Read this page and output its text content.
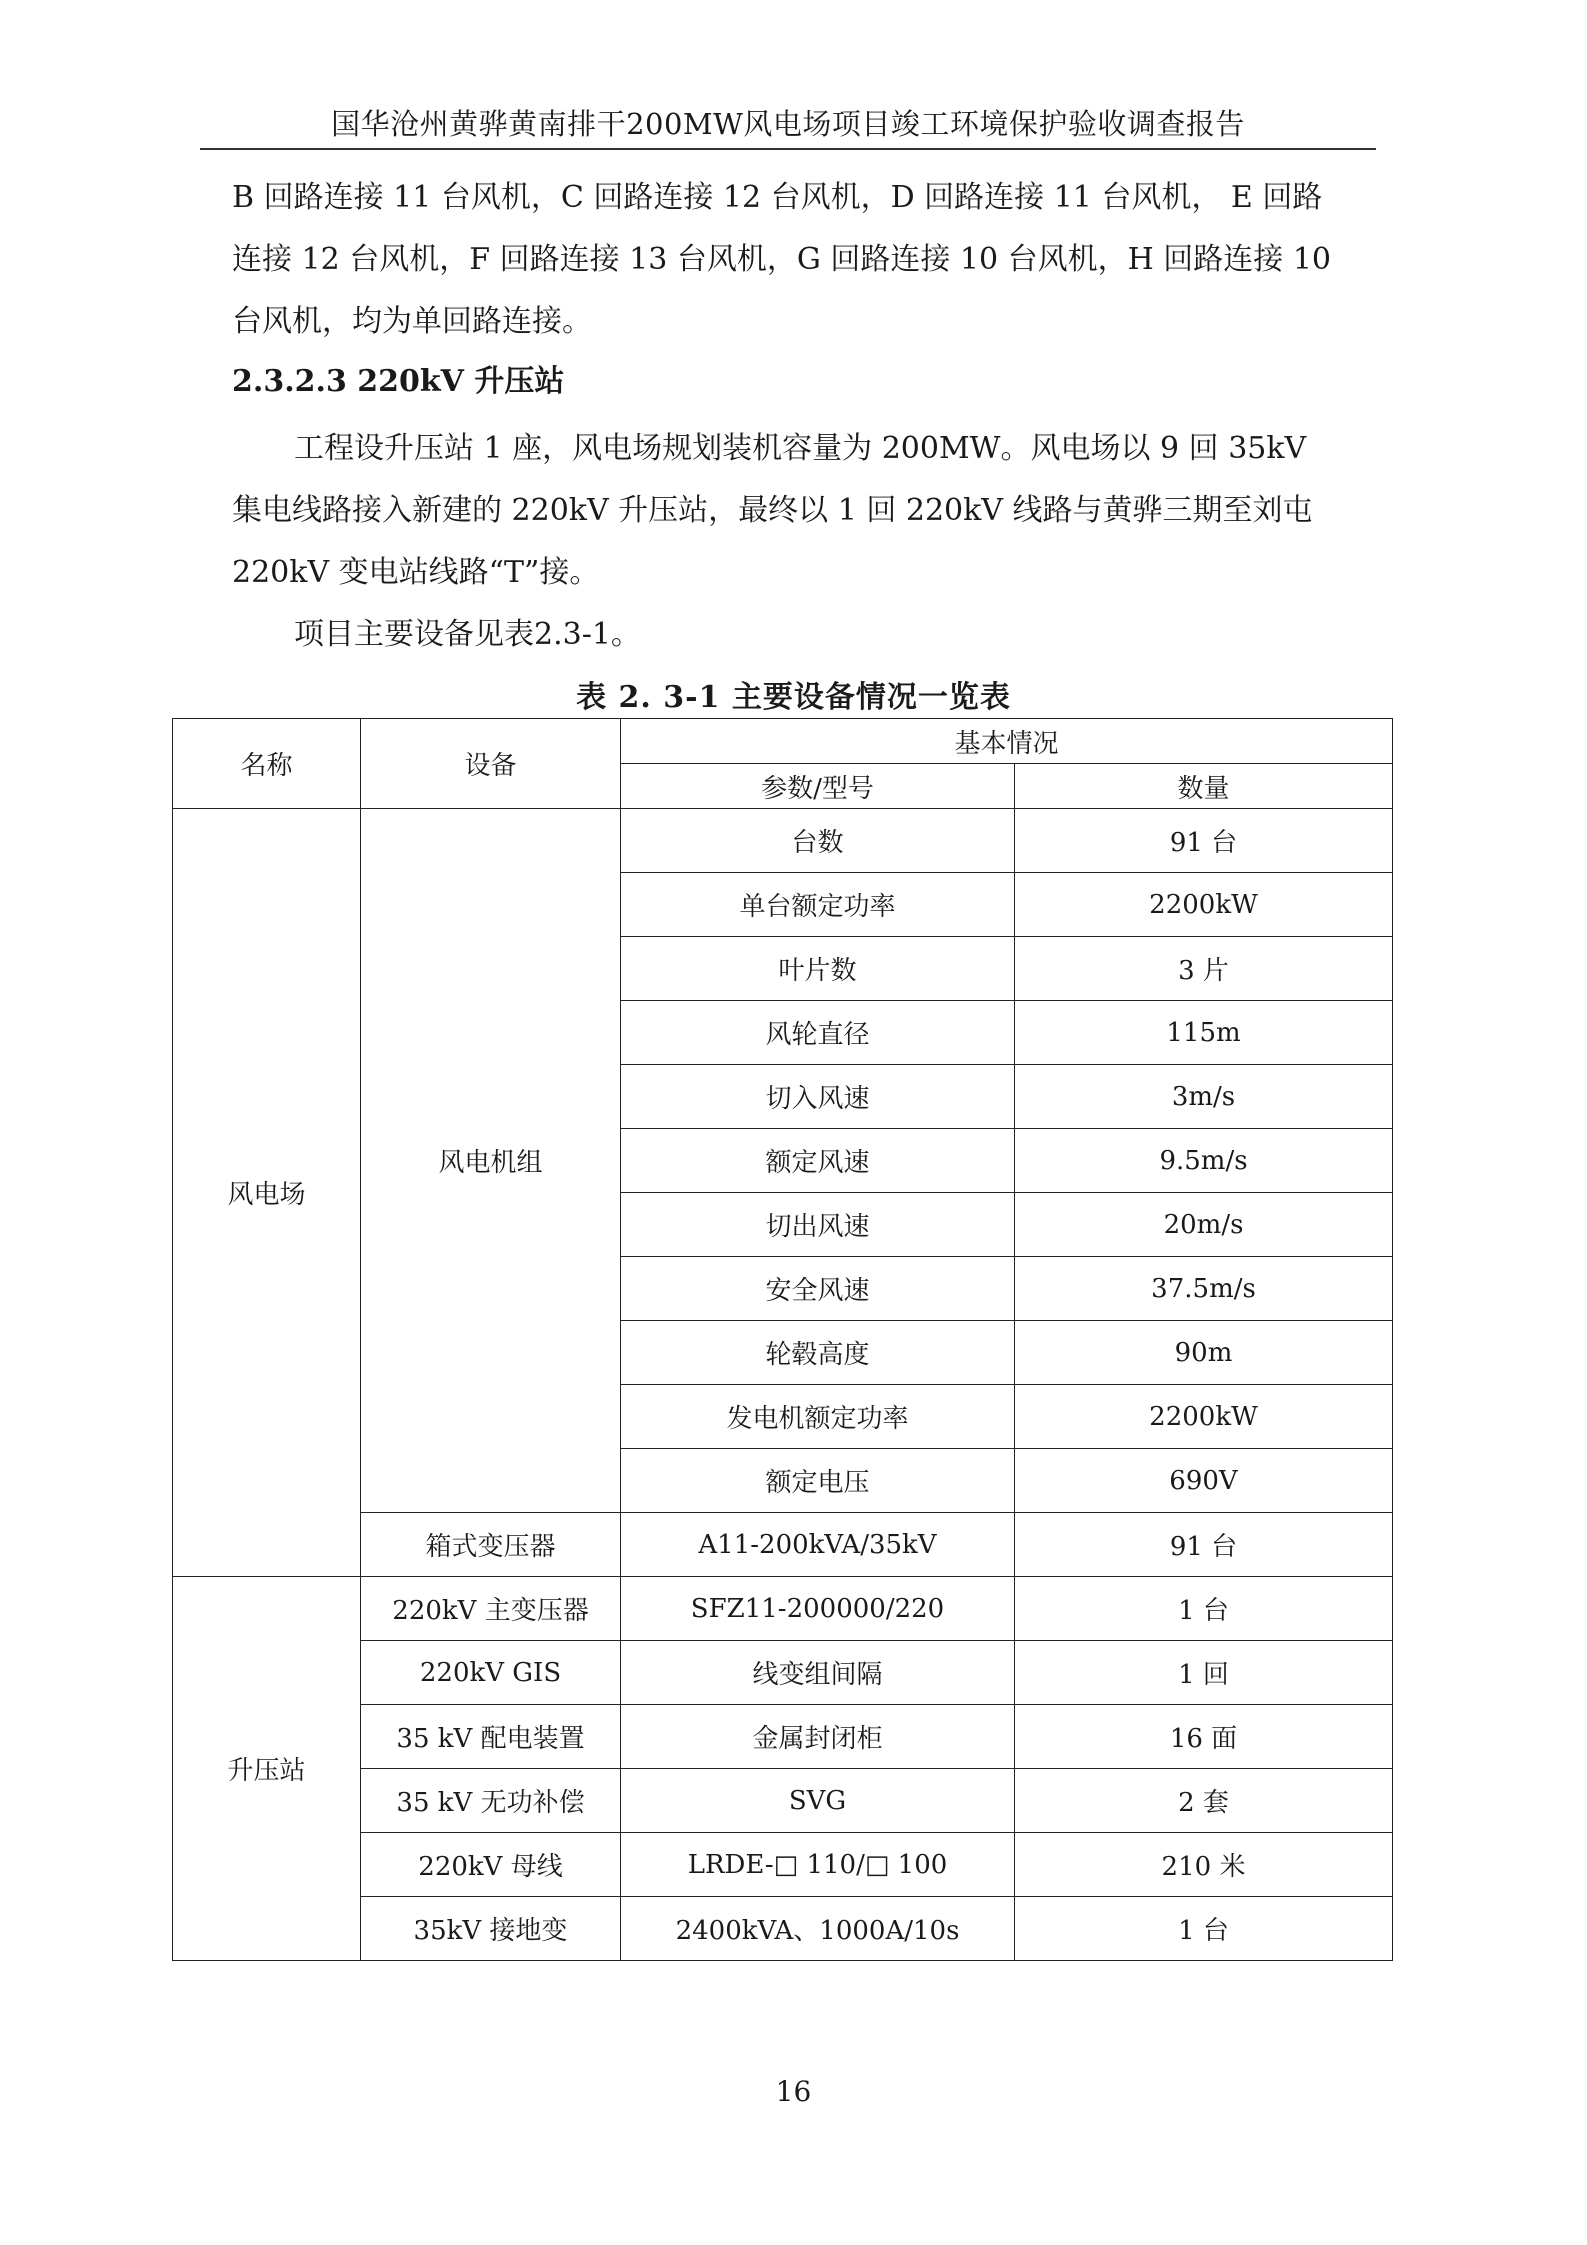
国华沧州黄骅黄南排干200MW风电场项目竣工环境保护验收调查报告

B 回路连接 11 台风机，C 回路连接 12 台风机，D 回路连接 11 台风机， E 回路
连接 12 台风机，F 回路连接 13 台风机，G 回路连接 10 台风机，H 回路连接 10
台风机，均为单回路连接。

2.3.2.3 220kV 升压站

工程设升压站 1 座，风电场规划装机容量为 200MW。风电场以 9 回 35kV
集电线路接入新建的 220kV 升压站，最终以 1 回 220kV 线路与黄骅三期至刘屯
220kV 变电站线路“T”接。

项目主要设备见表2.3-1。

表 2. 3-1 主要设备情况一览表
名称	设备	基本情况	
		参数/型号	数量
风电场	风电机组	台数	91 台
		单台额定功率	2200kW
		叶片数	3 片
		风轮直径	115m
		切入风速	3m/s
		额定风速	9.5m/s
		切出风速	20m/s
		安全风速	37.5m/s
		轮毂高度	90m
		发电机额定功率	2200kW
		额定电压	690V
	箱式变压器	A11-200kVA/35kV	91 台
升压站	220kV 主变压器	SFZ11-200000/220	1 台
	220kV GIS	线变组间隔	1 回
	35 kV 配电装置	金属封闭柜	16 面
	35 kV 无功补偿	SVG	2 套
	220kV 母线	LRDE-□ 110/□ 100	210 米
	35kV 接地变	2400kVA、1000A/10s	1 台
16
